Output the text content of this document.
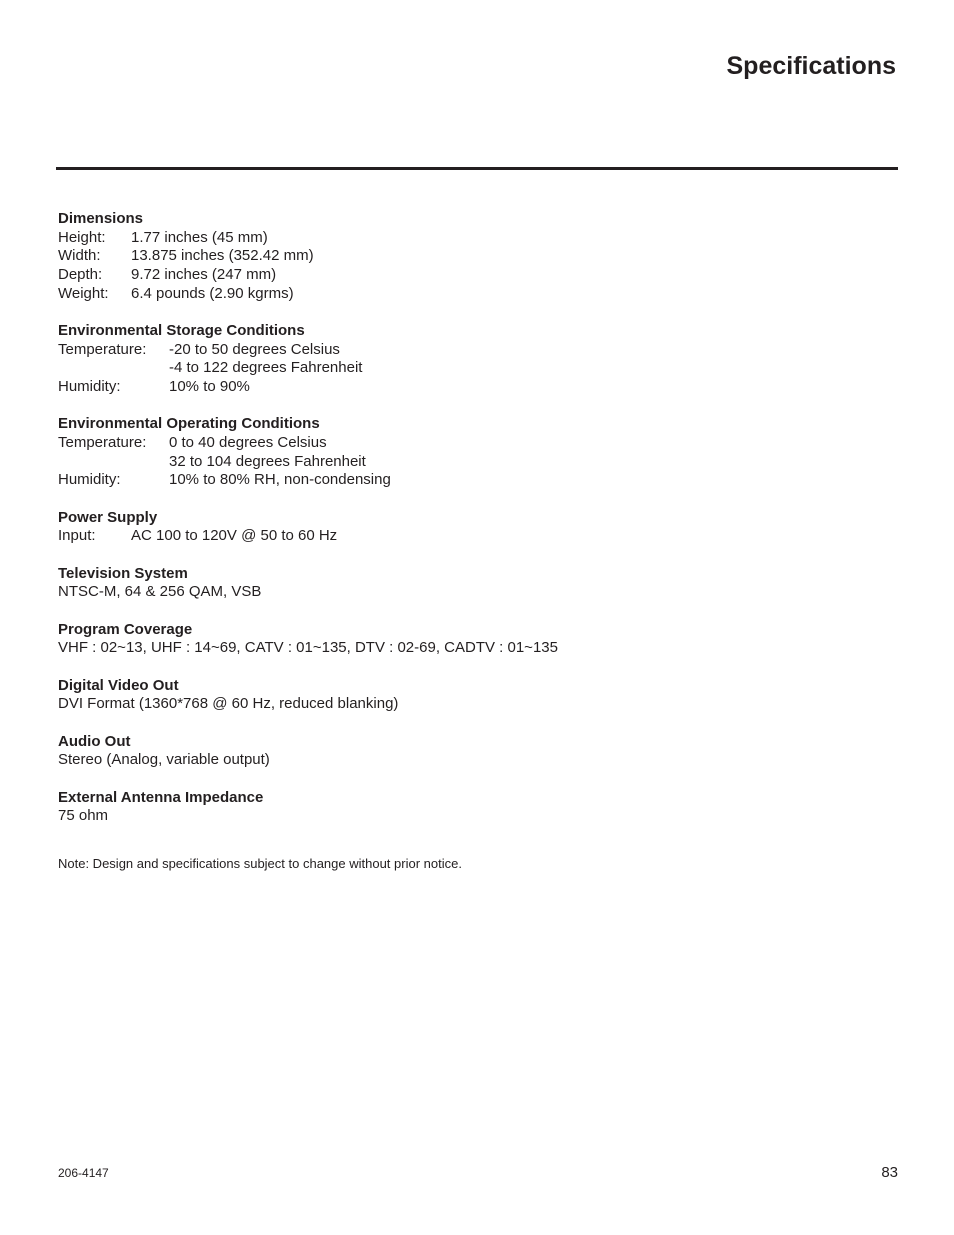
Specifications
Dimensions
Height:	1.77 inches (45 mm)
Width:	13.875 inches (352.42 mm)
Depth:	9.72 inches (247 mm)
Weight:	6.4 pounds (2.90 kgrms)
Environmental Storage Conditions
Temperature:	-20 to 50 degrees Celsius
-4 to 122 degrees Fahrenheit
Humidity:	10% to 90%
Environmental Operating Conditions
Temperature:	0 to 40 degrees Celsius
32 to 104 degrees Fahrenheit
Humidity:	10% to 80% RH, non-condensing
Power Supply
Input:	AC 100 to 120V @ 50 to 60 Hz
Television System
NTSC-M, 64 & 256 QAM, VSB
Program Coverage
VHF : 02~13, UHF : 14~69, CATV : 01~135, DTV : 02-69, CADTV : 01~135
Digital Video Out
DVI Format (1360*768 @ 60 Hz, reduced blanking)
Audio Out
Stereo (Analog, variable output)
External Antenna Impedance
75 ohm
Note: Design and specifications subject to change without prior notice.
206-4147	83
